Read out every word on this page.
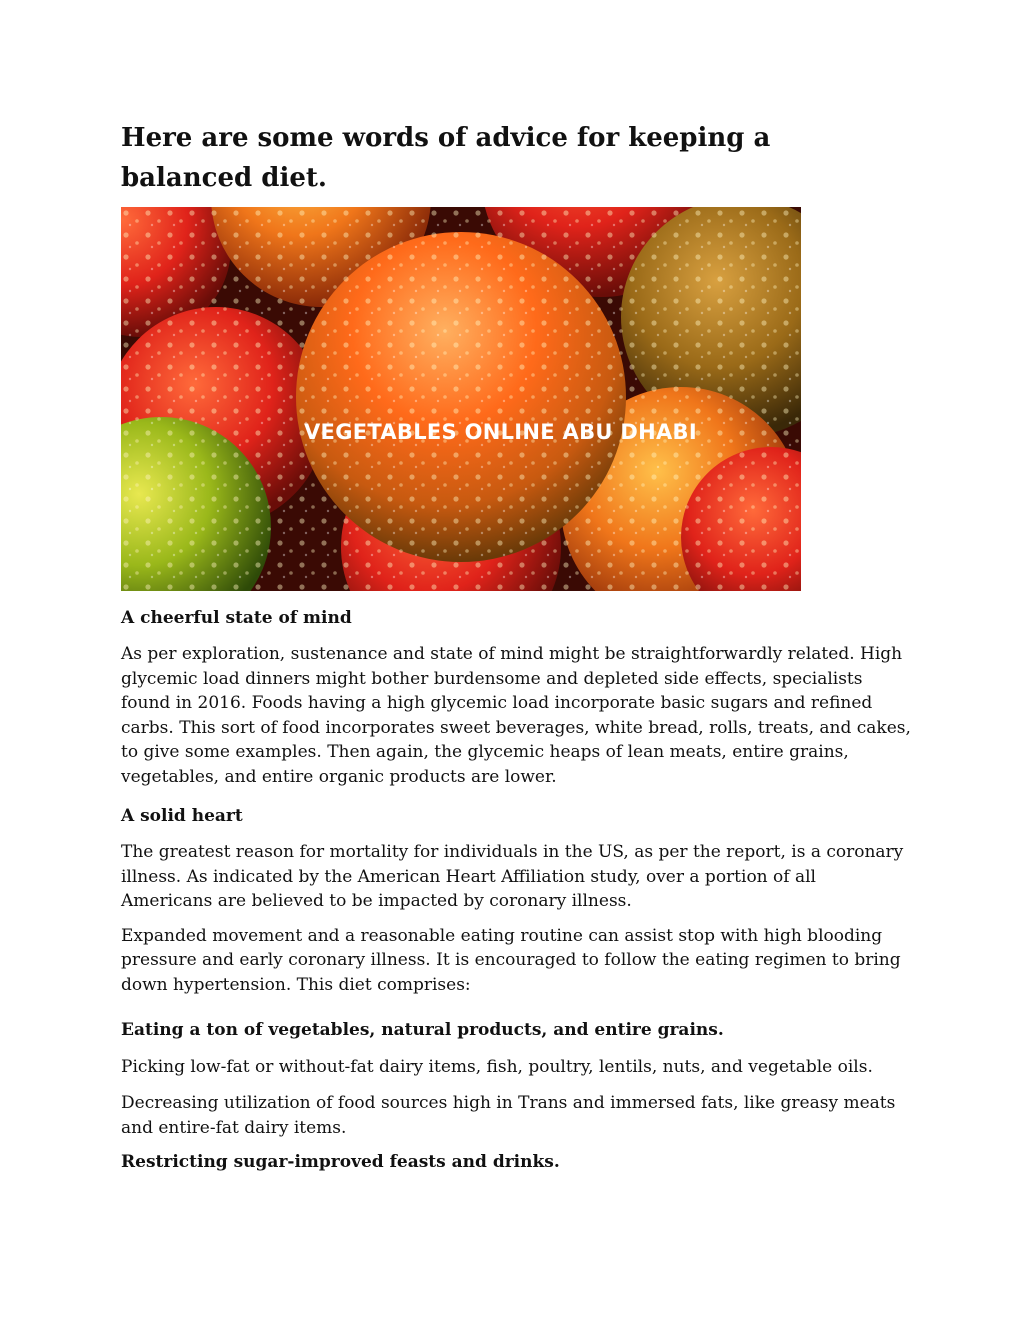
Here are some words of advice for keeping a balanced diet.
VEGETABLES ONLINE ABU DHABI
A cheerful state of mind

As per exploration, sustenance and state of mind might be straightforwardly related. High glycemic load dinners might bother burdensome and depleted side effects, specialists found in 2016. Foods having a high glycemic load incorporate basic sugars and refined carbs. This sort of food incorporates sweet beverages, white bread, rolls, treats, and cakes, to give some examples. Then again, the glycemic heaps of lean meats, entire grains, vegetables, and entire organic products are lower.

A solid heart

The greatest reason for mortality for individuals in the US, as per the report, is a coronary illness. As indicated by the American Heart Affiliation study, over a portion of all Americans are believed to be impacted by coronary illness.

Expanded movement and a reasonable eating routine can assist stop with high blooding pressure and early coronary illness. It is encouraged to follow the eating regimen to bring down hypertension. This diet comprises:

Eating a ton of vegetables, natural products, and entire grains.

Picking low-fat or without-fat dairy items, fish, poultry, lentils, nuts, and vegetable oils.

Decreasing utilization of food sources high in Trans and immersed fats, like greasy meats and entire-fat dairy items.

Restricting sugar-improved feasts and drinks.
